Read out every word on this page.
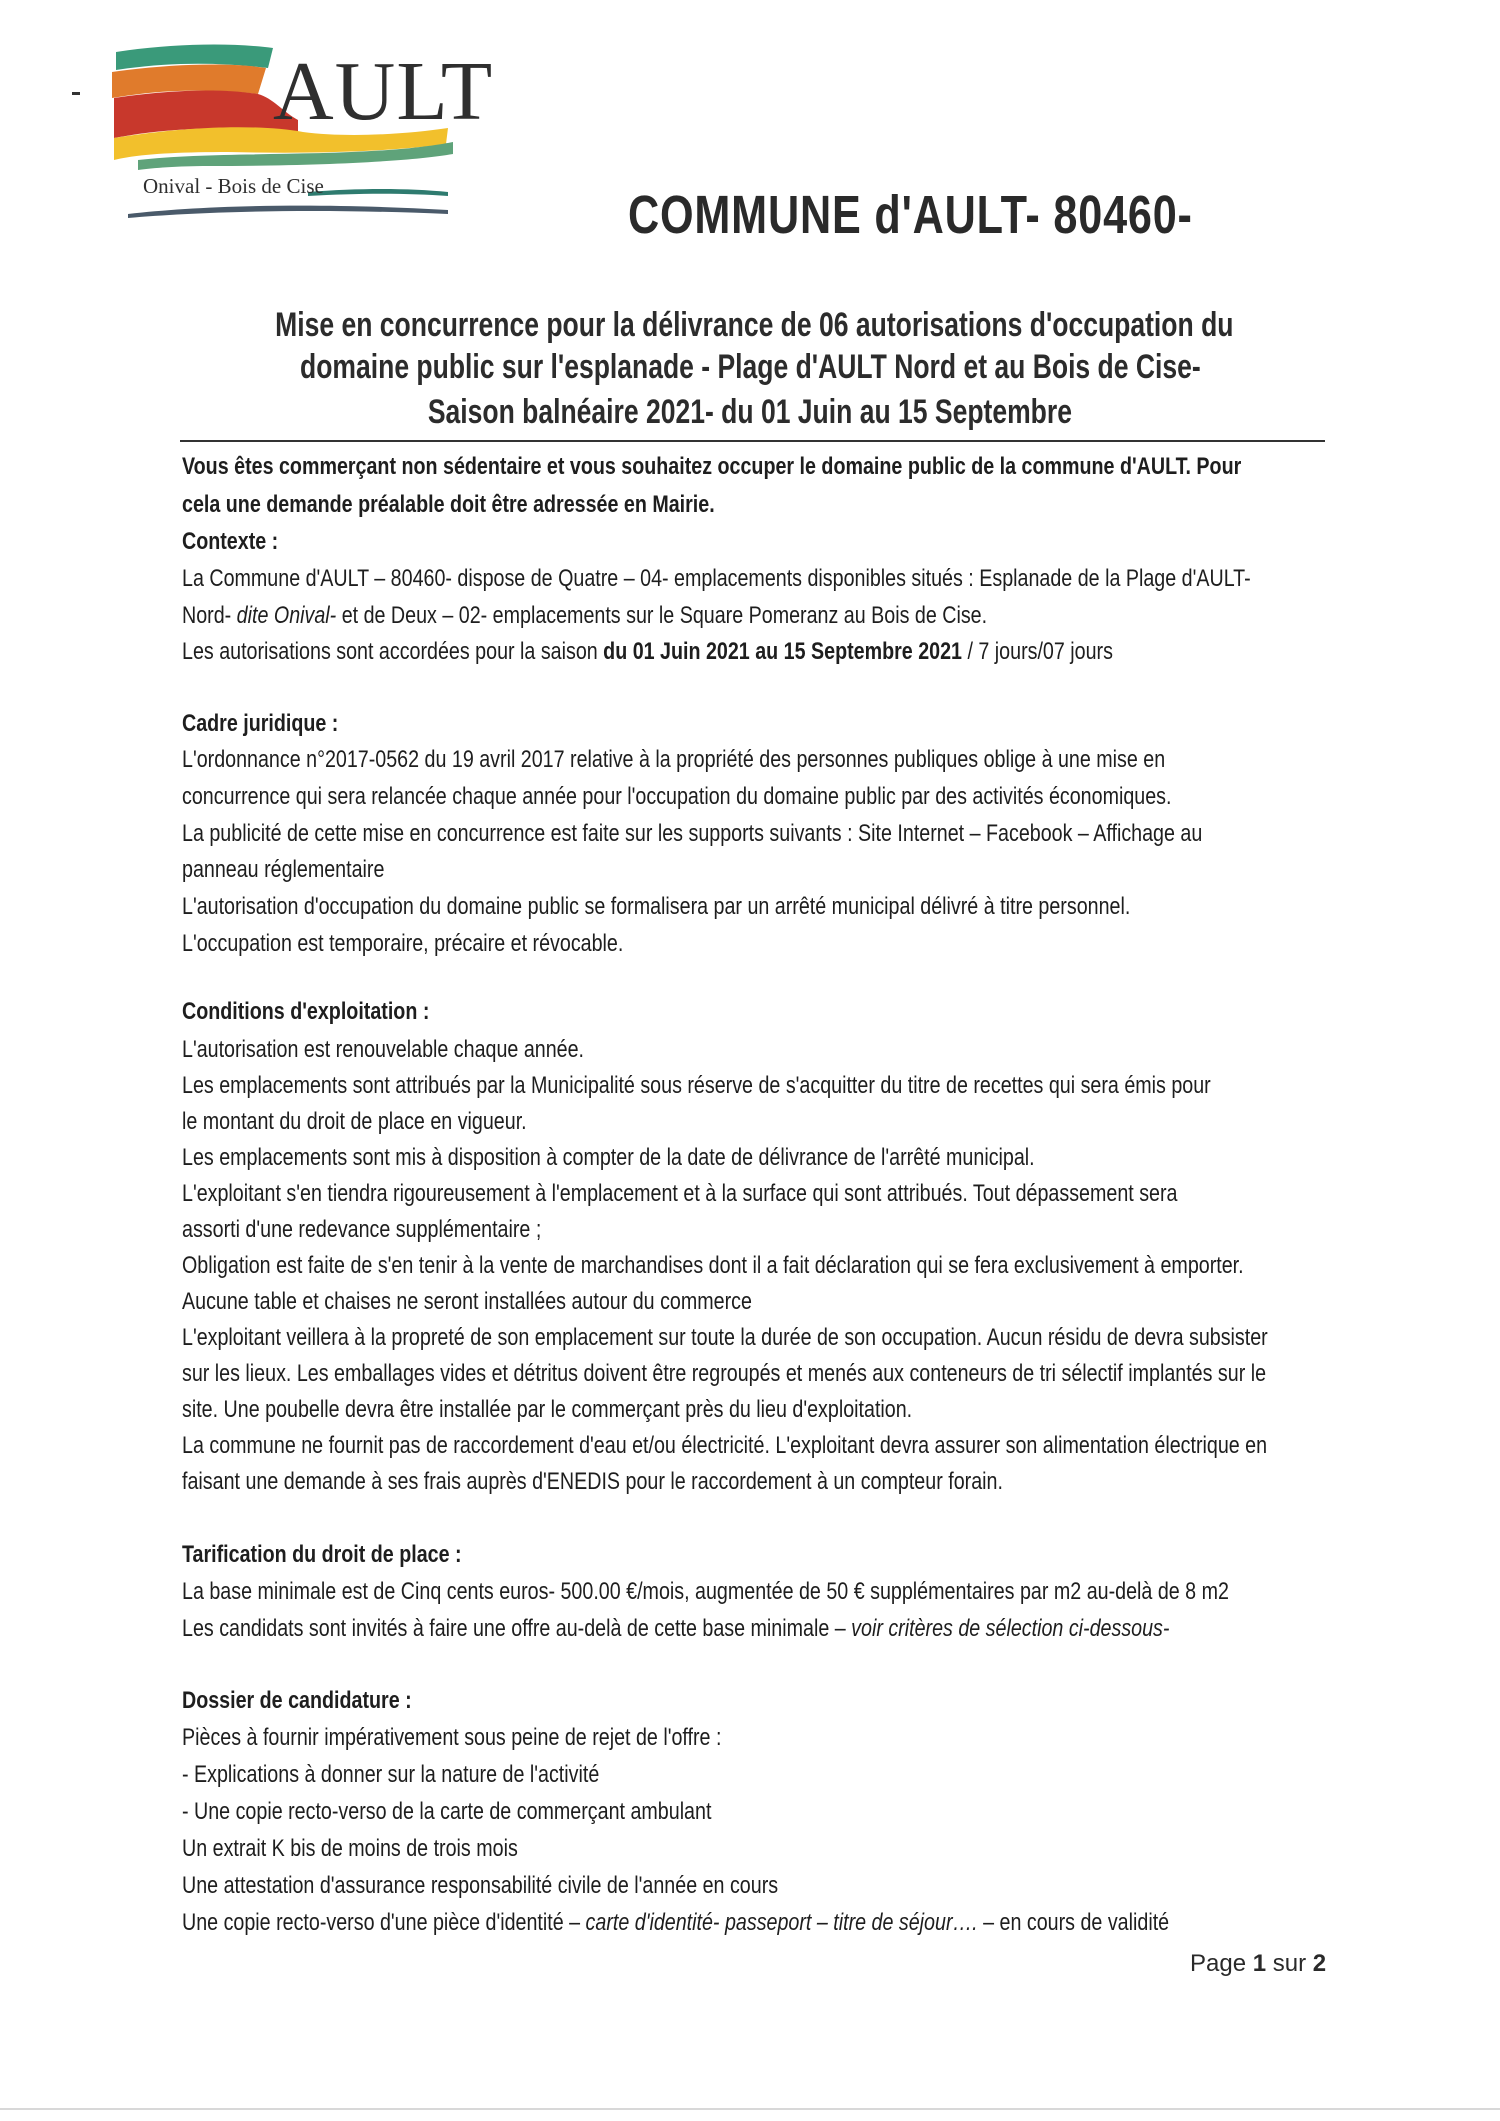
AULT
Onival - Bois de Cise	COMMUNE d'AULT- 80460-
Mise en concurrence pour la délivrance de 06 autorisations d'occupation du
domaine public sur l'esplanade - Plage d'AULT Nord et au Bois de Cise-
Saison balnéaire 2021- du 01 Juin au 15 Septembre
Vous êtes commerçant non sédentaire et vous souhaitez occuper le domaine public de la commune d'AULT. Pour
cela une demande préalable doit être adressée en Mairie.
Contexte :
La Commune d'AULT – 80460- dispose de Quatre – 04- emplacements disponibles situés : Esplanade de la Plage d'AULT-
Nord- dite Onival- et de Deux – 02- emplacements sur le Square Pomeranz au Bois de Cise.
Les autorisations sont accordées pour la saison du 01 Juin 2021 au 15 Septembre 2021 / 7 jours/07 jours
Cadre juridique :
L'ordonnance n°2017-0562 du 19 avril 2017 relative à la propriété des personnes publiques oblige à une mise en
concurrence qui sera relancée chaque année pour l'occupation du domaine public par des activités économiques.
La publicité de cette mise en concurrence est faite sur les supports suivants : Site Internet – Facebook – Affichage au
panneau réglementaire
L'autorisation d'occupation du domaine public se formalisera par un arrêté municipal délivré à titre personnel.
L'occupation est temporaire, précaire et révocable.
Conditions d'exploitation :
L'autorisation est renouvelable chaque année.
Les emplacements sont attribués par la Municipalité sous réserve de s'acquitter du titre de recettes qui sera émis pour
le montant du droit de place en vigueur.
Les emplacements sont mis à disposition à compter de la date de délivrance de l'arrêté municipal.
L'exploitant s'en tiendra rigoureusement à l'emplacement et à la surface qui sont attribués. Tout dépassement sera
assorti d'une redevance supplémentaire ;
Obligation est faite de s'en tenir à la vente de marchandises dont il a fait déclaration qui se fera exclusivement à emporter.
Aucune table et chaises ne seront installées autour du commerce
L'exploitant veillera à la propreté de son emplacement sur toute la durée de son occupation. Aucun résidu de devra subsister
sur les lieux. Les emballages vides et détritus doivent être regroupés et menés aux conteneurs de tri sélectif implantés sur le
site. Une poubelle devra être installée par le commerçant près du lieu d'exploitation.
La commune ne fournit pas de raccordement d'eau et/ou électricité. L'exploitant devra assurer son alimentation électrique en
faisant une demande à ses frais auprès d'ENEDIS pour le raccordement à un compteur forain.
Tarification du droit de place :
La base minimale est de Cinq cents euros- 500.00 €/mois, augmentée de 50 € supplémentaires par m2 au-delà de 8 m2
Les candidats sont invités à faire une offre au-delà de cette base minimale – voir critères de sélection ci-dessous-
Dossier de candidature :
Pièces à fournir impérativement sous peine de rejet de l'offre :
- Explications à donner sur la nature de l'activité
- Une copie recto-verso de la carte de commerçant ambulant
Un extrait K bis de moins de trois mois
Une attestation d'assurance responsabilité civile de l'année en cours
Une copie recto-verso d'une pièce d'identité – carte d'identité- passeport – titre de séjour…. – en cours de validité
Page 1 sur 2
